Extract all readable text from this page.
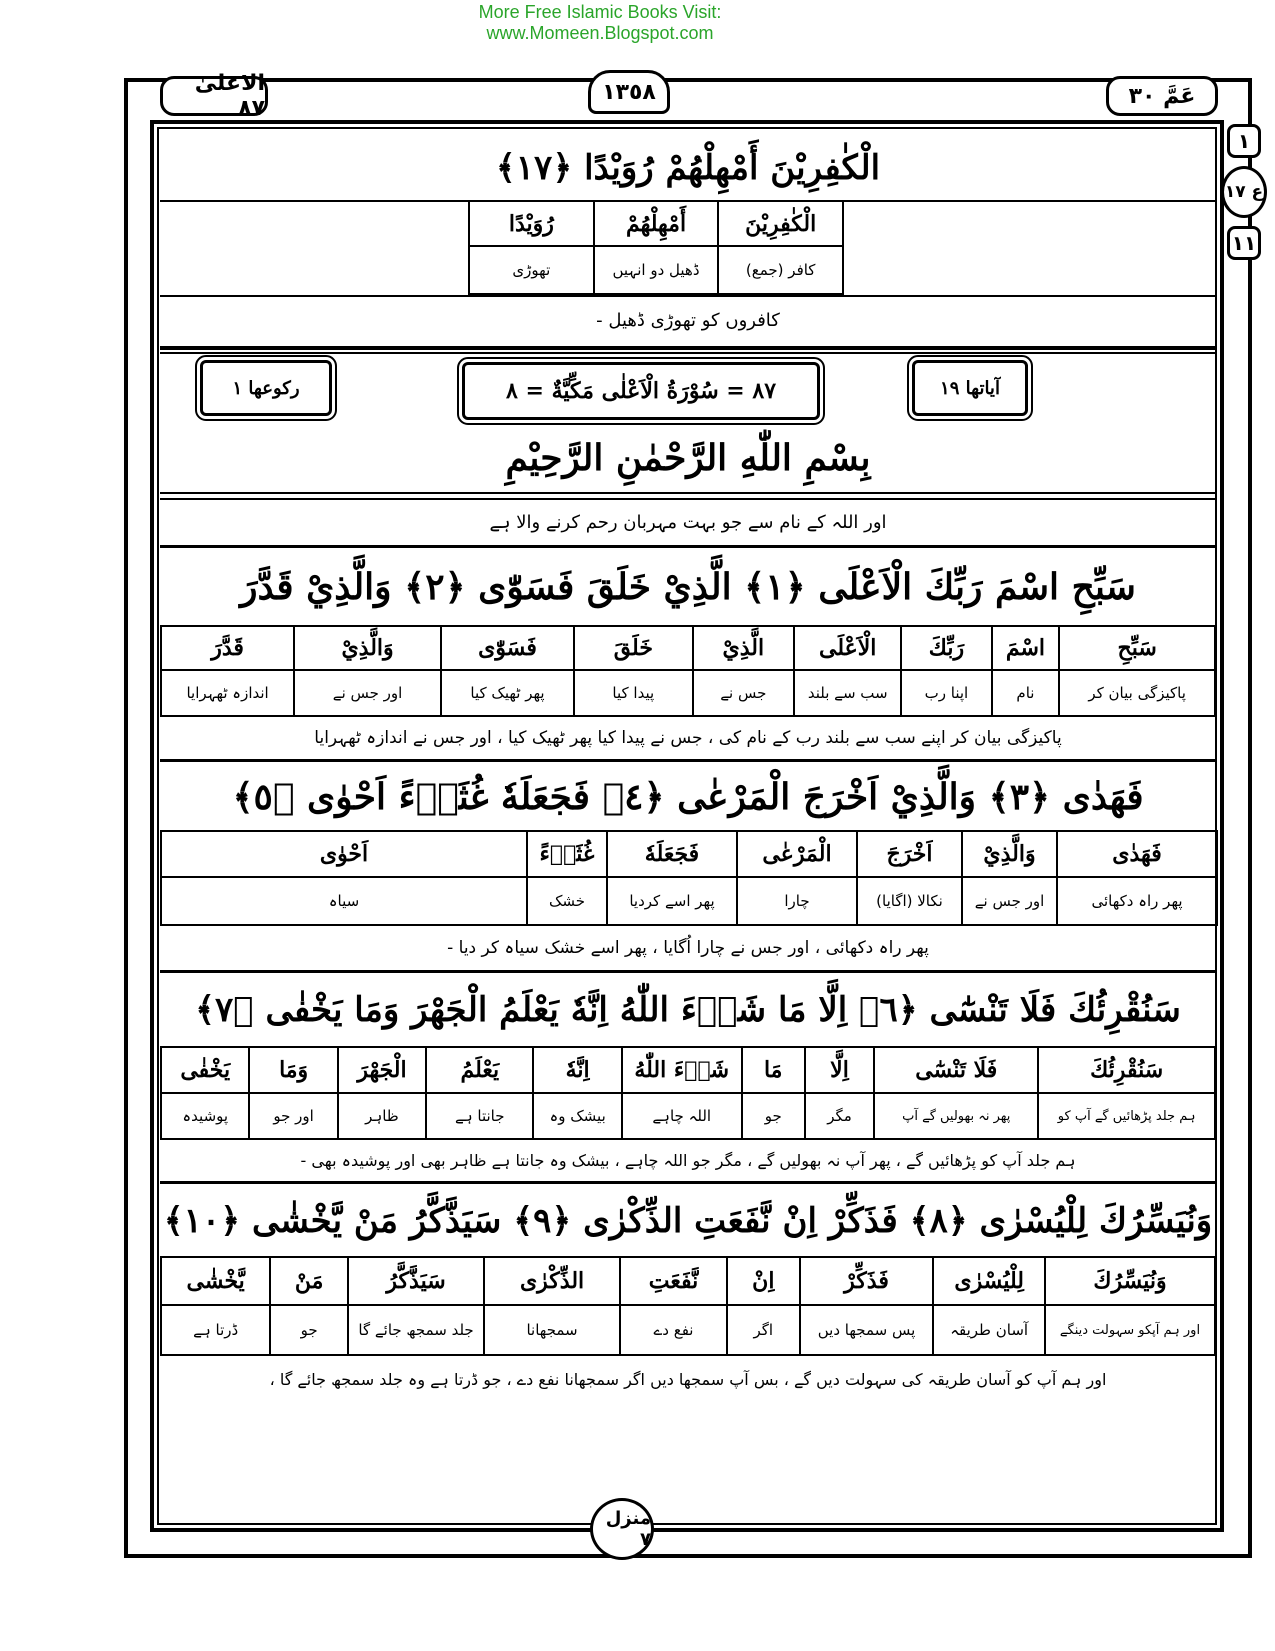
More Free Islamic Books Visit:
www.Momeen.Blogspot.com
الاعلیٰ ٨٧
١٣٥٨	عَمَّ ٣٠
١
ع ١٧
١١
الْكٰفِرِيْنَ أَمْهِلْهُمْ رُوَيْدًا ﴿١٧﴾
الْكٰفِرِيْنَ	أَمْهِلْهُمْ	رُوَيْدًا
کافر (جمع)	ڈھیل دو انہیں	تھوڑی
کافروں کو تھوڑی ڈھیل -
آیاتھا ١٩
٨٧ = سُوْرَةُ الْاَعْلٰی مَكِّيَّةٌ = ٨
رکوعھا ١
بِسْمِ اللّٰهِ الرَّحْمٰنِ الرَّحِيْمِ
اور اللہ کے نام سے جو بہت مہربان رحم کرنے والا ہے
سَبِّحِ اسْمَ رَبِّكَ الْاَعْلَى ﴿١﴾ الَّذِيْ خَلَقَ فَسَوّٰى ﴿٢﴾ وَالَّذِيْ قَدَّرَ
سَبِّحِ	اسْمَ	رَبِّكَ	الْاَعْلَى	الَّذِيْ	خَلَقَ	فَسَوّٰى	وَالَّذِيْ	قَدَّرَ
پاکیزگی بیان کر	نام	اپنا رب	سب سے بلند	جس نے	پیدا کیا	پھر ٹھیک کیا	اور جس نے	اندازہ ٹھہرایا
پاکیزگی بیان کر اپنے سب سے بلند رب کے نام کی ، جس نے پیدا کیا پھر ٹھیک کیا ، اور جس نے اندازہ ٹھہرایا
فَهَدٰى ﴿٣﴾ وَالَّذِيْ اَخْرَجَ الْمَرْعٰى ﴿٤﴾ فَجَعَلَهٗ غُثَاۗءً اَحْوٰى ﴿٥﴾
فَهَدٰى	وَالَّذِيْ	اَخْرَجَ	الْمَرْعٰى	فَجَعَلَهٗ	غُثَاۗءً	اَحْوٰى
پھر راہ دکھائی	اور جس نے	نکالا (اگایا)	چارا	پھر اسے کردیا	خشک	سیاہ
پھر راہ دکھائی ، اور جس نے چارا اُگایا ، پھر اسے خشک سیاہ کر دیا -
سَنُقْرِئُكَ فَلَا تَنْسٰٓى ﴿٦﴾ اِلَّا مَا شَاۗءَ اللّٰهُ اِنَّهٗ يَعْلَمُ الْجَهْرَ وَمَا يَخْفٰى ﴿٧﴾
سَنُقْرِئُكَ	فَلَا تَنْسٰٓى	اِلَّا	مَا	شَاۗءَ اللّٰهُ	اِنَّهٗ	يَعْلَمُ	الْجَهْرَ	وَمَا	يَخْفٰى
ہم جلد پڑھائیں گے آپ کو	پھر نہ بھولیں گے آپ	مگر	جو	اللہ چاہے	بیشک وہ	جانتا ہے	ظاہر	اور جو	پوشیدہ
ہم جلد آپ کو پڑھائیں گے ، پھر آپ نہ بھولیں گے ، مگر جو اللہ چاہے ، بیشک وہ جانتا ہے ظاہر بھی اور پوشیدہ بھی -
وَنُيَسِّرُكَ لِلْيُسْرٰى ﴿٨﴾ فَذَكِّرْ اِنْ نَّفَعَتِ الذِّكْرٰى ﴿٩﴾ سَيَذَّكَّرُ مَنْ يَّخْشٰى ﴿١٠﴾
وَنُيَسِّرُكَ	لِلْيُسْرٰى	فَذَكِّرْ	اِنْ	نَّفَعَتِ	الذِّكْرٰى	سَيَذَّكَّرُ	مَنْ	يَّخْشٰى
اور ہم آپکو سہولت دینگے	آسان طریقہ	پس سمجھا دیں	اگر	نفع دے	سمجھانا	جلد سمجھ جائے گا	جو	ڈرتا ہے
اور ہم آپ کو آسان طریقہ کی سہولت دیں گے ، بس آپ سمجھا دیں اگر سمجھانا نفع دے ، جو ڈرتا ہے وہ جلد سمجھ جائے گا ،
منزل ٧
